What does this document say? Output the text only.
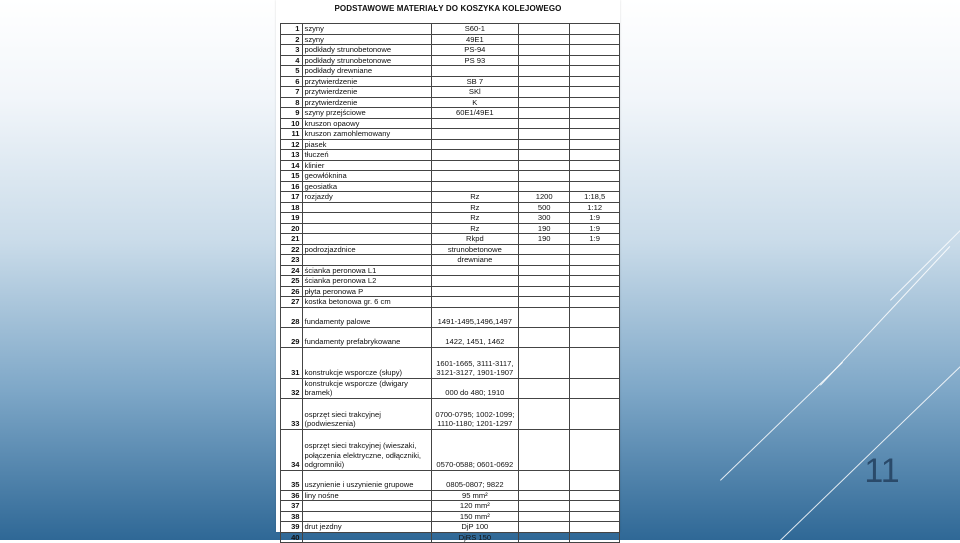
PODSTAWOWE MATERIAŁY DO KOSZYKA KOLEJOWEGO
1	szyny	S60-1		
2	szyny	49E1		
3	podkłady strunobetonowe	PS-94		
4	podkłady strunobetonowe	PS 93		
5	podkłady drewniane			
6	przytwierdzenie	SB 7		
7	przytwierdzenie	SKl		
8	przytwierdzenie	K		
9	szyny przejściowe	60E1/49E1		
10	kruszon opaowy			
11	kruszon zamohlemowany			
12	piasek			
13	tłuczeń			
14	klinier			
15	geowłóknina			
16	geosiatka			
17	rozjazdy	Rz	1200	1:18,5
18		Rz	500	1:12
19		Rz	300	1:9
20		Rz	190	1:9
21		Rkpd	190	1:9
22	podrozjazdnice	strunobetonowe		
23		drewniane		
24	ścianka peronowa L1			
25	ścianka peronowa L2			
26	płyta peronowa P			
27	kostka betonowa gr. 6 cm			
28	fundamenty palowe	1491-1495,1496,1497		
29	fundamenty prefabrykowane	1422, 1451, 1462		
31	konstrukcje wsporcze (słupy)	1601-1665, 3111-3117, 3121-3127, 1901-1907		
32	konstrukcje wsporcze (dwigary bramek)	000 do 480; 1910		
33	osprzęt sieci trakcyjnej (podwieszenia)	0700-0795; 1002-1099; 1110-1180; 1201-1297		
34	osprzęt sieci trakcyjnej (wieszaki, połączenia elektryczne, odłączniki, odgromniki)	0570-0588; 0601-0692		
35	uszynienie i uszynienie grupowe	0805-0807; 9822		
36	liny nośne	95 mm²		
37		120 mm²		
38		150 mm²		
39	drut jezdny	DjP 100		
40		DjRS 150		
11
